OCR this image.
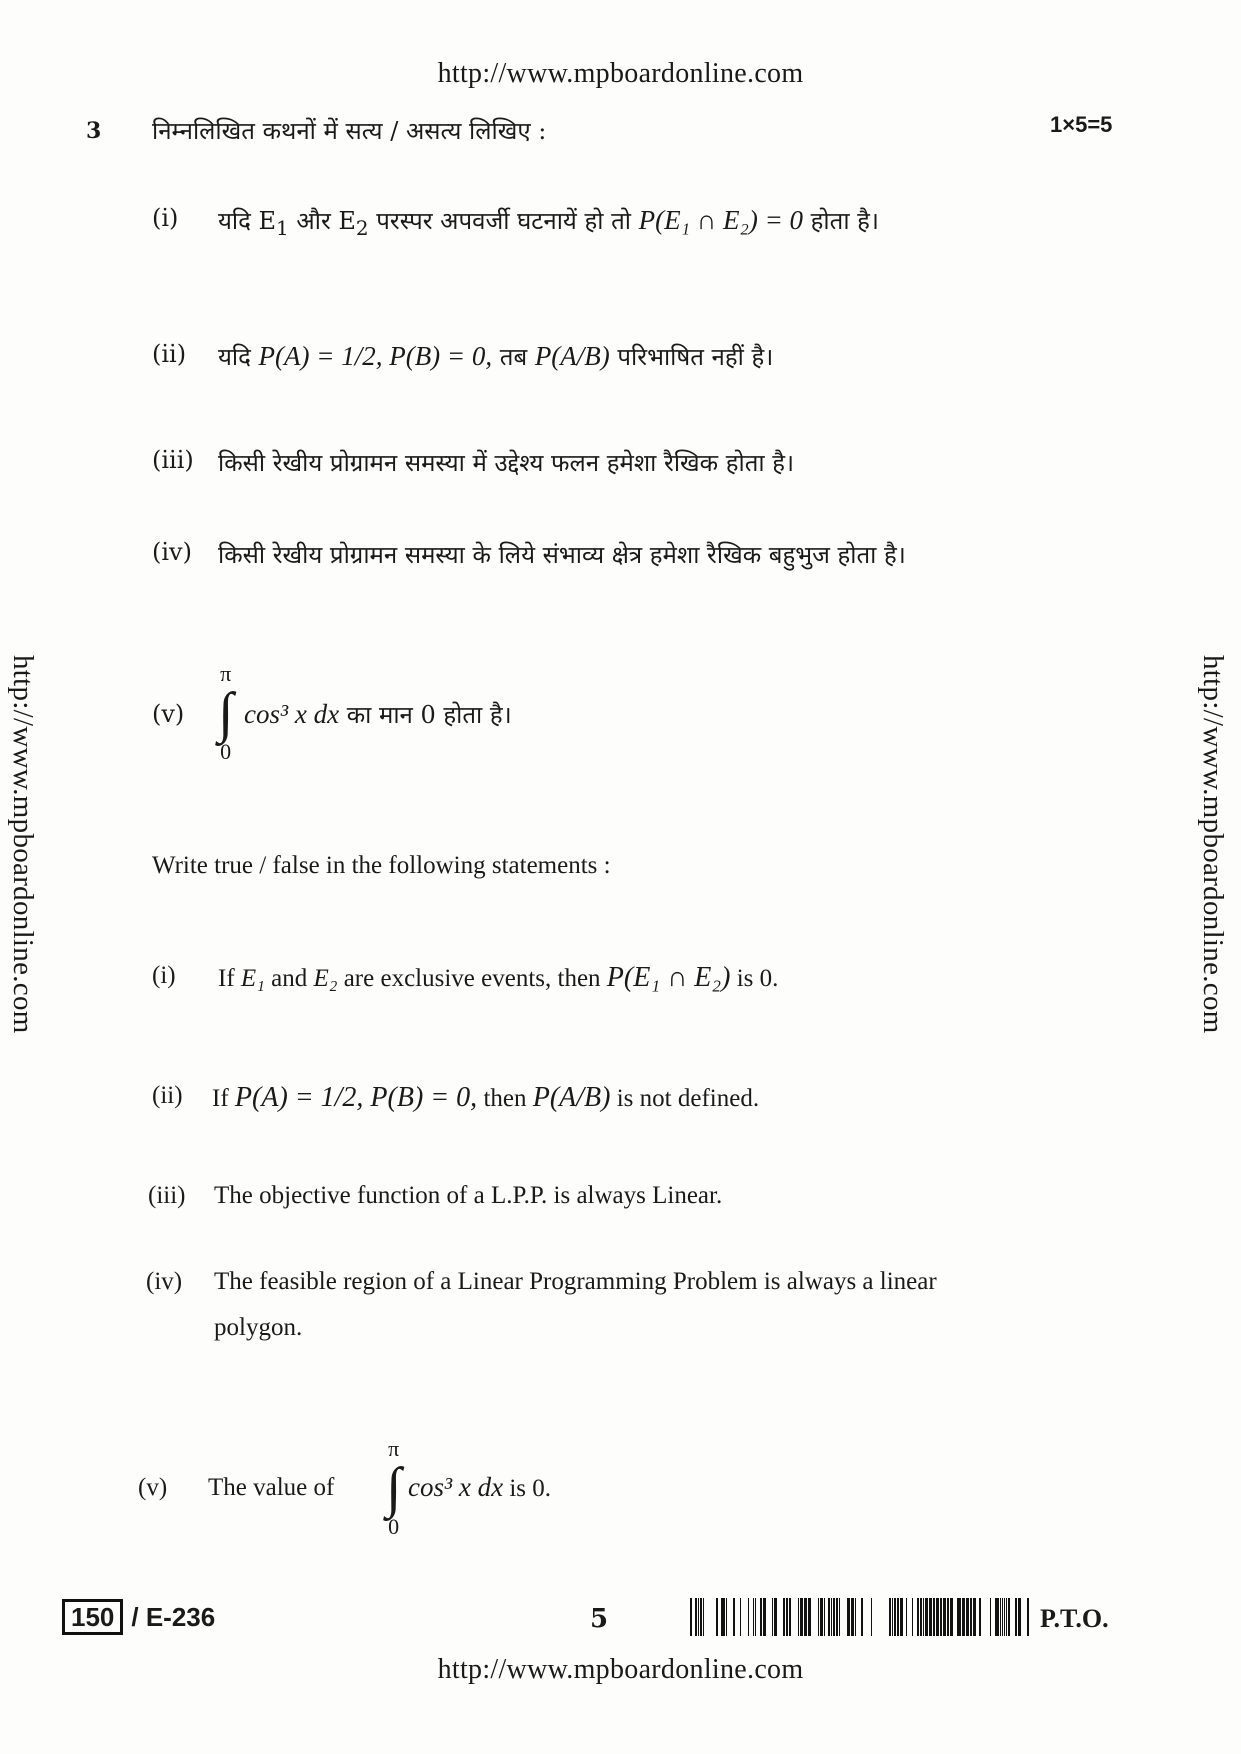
http://www.mpboardonline.com
http://www.mpboardonline.com	http://www.mpboardonline.com
http://www.mpboardonline.com
3 निम्नलिखित कथनों में सत्य / असत्य लिखिए :	1×5=5
(i) यदि $E_1$ और $E_2$ परस्पर अपवर्जी घटनायें हो तो P(E₁ ∩ E₂) = 0 होता है।
(ii) यदि P(A) = 1/2, P(B) = 0, तब P(A/B) परिभाषित नहीं है।
(iii) किसी रेखीय प्रोग्रामन समस्या में उद्देश्य फलन हमेशा रैखिक होता है।
(iv) किसी रेखीय प्रोग्रामन समस्या के लिये संभाव्य क्षेत्र हमेशा रैखिक बहुभुज होता है।
(v)
π
∫
0
cos³ x dx का मान 0 होता है।
Write true / false in the following statements :
(i) If E₁ and E₂ are exclusive events, then P(E₁ ∩ E₂) is 0.
(ii) If P(A) = 1/2, P(B) = 0, then P(A/B) is not defined.
(iii) The objective function of a L.P.P. is always Linear.
(iv) The feasible region of a Linear Programming Problem is always a linear
polygon.
(v) The value of
π
∫
0
cos³ x dx is 0.
150 / E-236	5	P.T.O.
